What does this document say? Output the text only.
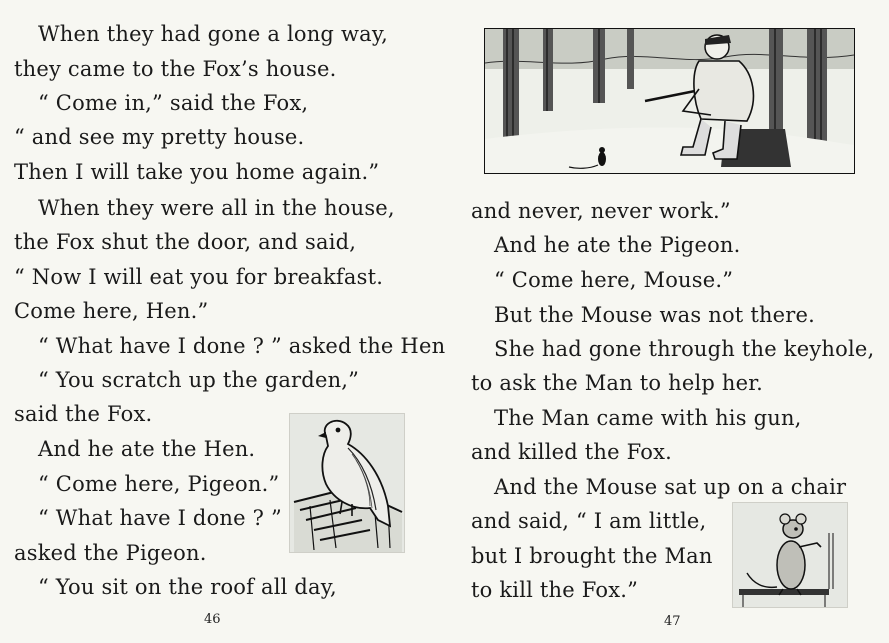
When they had gone a long way,
they came to the Fox’s house.
“ Come in,” said the Fox,
“ and see my pretty house.
Then I will take you home again.”
When they were all in the house,
the Fox shut the door, and said,
“ Now I will eat you for breakfast.
Come here, Hen.”
“ What have I done ? ” asked the Hen
“ You scratch up the garden,”
said the Fox.
And he ate the Hen.
“ Come here, Pigeon.”
“ What have I done ? ”
asked the Pigeon.
“ You sit on the roof all day,
46
and never, never work.”
And he ate the Pigeon.
“ Come here, Mouse.”
But the Mouse was not there.
She had gone through the keyhole,
to ask the Man to help her.
The Man came with his gun,
and killed the Fox.
And the Mouse sat up on a chair
and said, “ I am little,
but I brought the Man
to kill the Fox.”
47
